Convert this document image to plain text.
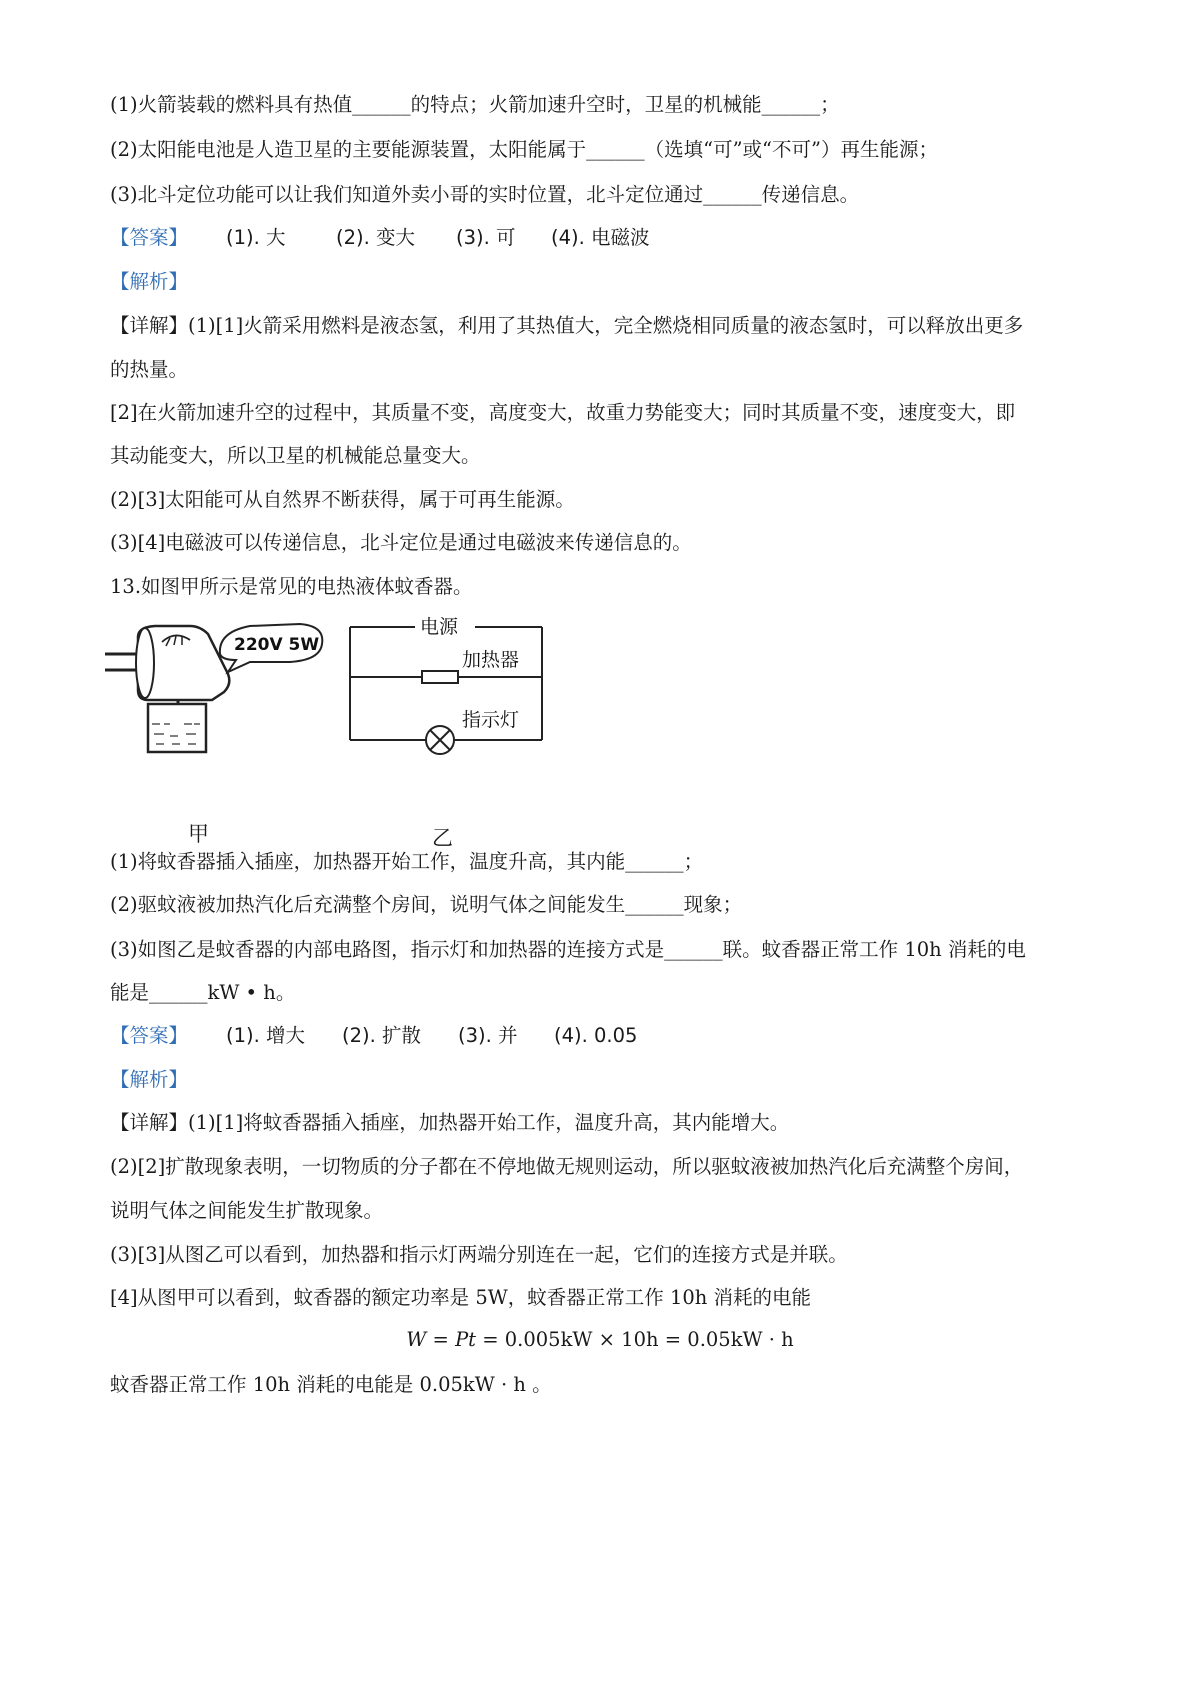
(1)火箭装载的燃料具有热值______的特点；火箭加速升空时，卫星的机械能______；
(2)太阳能电池是人造卫星的主要能源装置，太阳能属于______（选填“可”或“不可”）再生能源；
(3)北斗定位功能可以让我们知道外卖小哥的实时位置，北斗定位通过______传递信息。
【答案】 (1). 大	(2). 变大 (3). 可 (4). 电磁波
【解析】
【详解】(1)[1]火箭采用燃料是液态氢，利用了其热值大，完全燃烧相同质量的液态氢时，可以释放出更多
的热量。
[2]在火箭加速升空的过程中，其质量不变，高度变大，故重力势能变大；同时其质量不变，速度变大，即
其动能变大，所以卫星的机械能总量变大。
(2)[3]太阳能可从自然界不断获得，属于可再生能源。
(3)[4]电磁波可以传递信息，北斗定位是通过电磁波来传递信息的。
13.如图甲所示是常见的电热液体蚊香器。
220V 5W
电源
加热器
指示灯
甲	乙
(1)将蚊香器插入插座，加热器开始工作，温度升高，其内能______；
(2)驱蚊液被加热汽化后充满整个房间，说明气体之间能发生______现象；
(3)如图乙是蚊香器的内部电路图，指示灯和加热器的连接方式是______联。蚊香器正常工作 10h 消耗的电
能是______kW • h。
【答案】 (1). 增大 (2). 扩散 (3). 并 (4). 0.05
【解析】
【详解】(1)[1]将蚊香器插入插座，加热器开始工作，温度升高，其内能增大。
(2)[2]扩散现象表明，一切物质的分子都在不停地做无规则运动，所以驱蚊液被加热汽化后充满整个房间，
说明气体之间能发生扩散现象。
(3)[3]从图乙可以看到，加热器和指示灯两端分别连在一起，它们的连接方式是并联。
[4]从图甲可以看到，蚊香器的额定功率是 5W，蚊香器正常工作 10h 消耗的电能
W = Pt = 0.005kW × 10h = 0.05kW · h
蚊香器正常工作 10h 消耗的电能是 0.05kW · h 。
